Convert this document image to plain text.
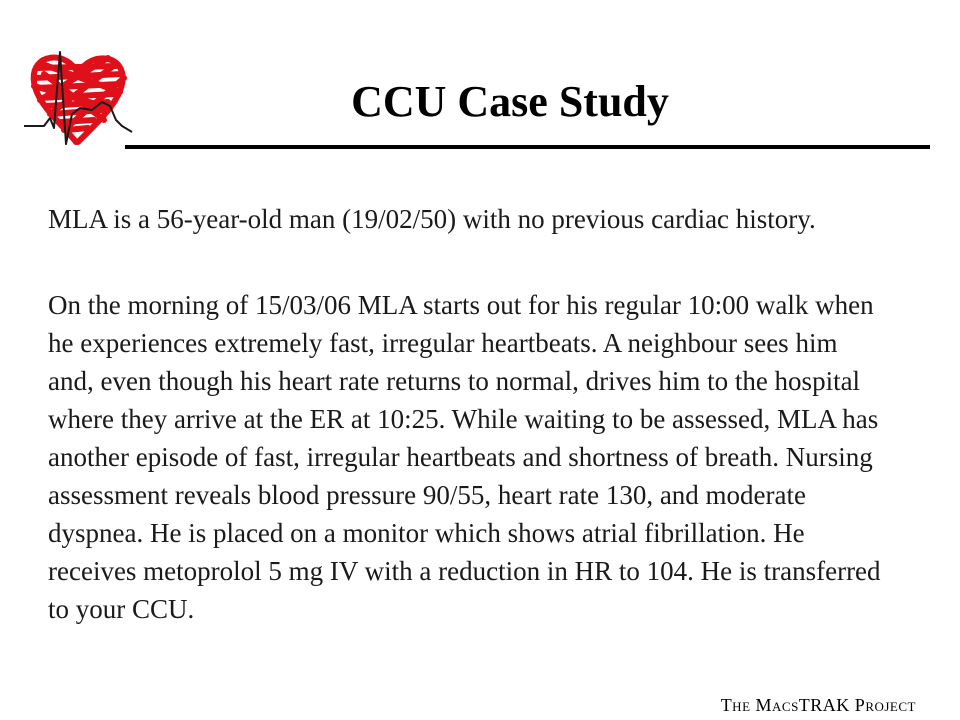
CCU Case Study

MLA is a 56-year-old man (19/02/50) with no previous cardiac history.

On the morning of 15/03/06 MLA starts out for his regular 10:00 walk when he experiences extremely fast, irregular heartbeats. A neighbour sees him and, even though his heart rate returns to normal, drives him to the hospital where they arrive at the ER at 10:25. While waiting to be assessed, MLA has another episode of fast, irregular heartbeats and shortness of breath. Nursing assessment reveals blood pressure 90/55, heart rate 130, and moderate dyspnea. He is placed on a monitor which shows atrial fibrillation. He receives metoprolol 5 mg IV with a reduction in HR to 104. He is transferred to your CCU.

The MacsTRAK Project
